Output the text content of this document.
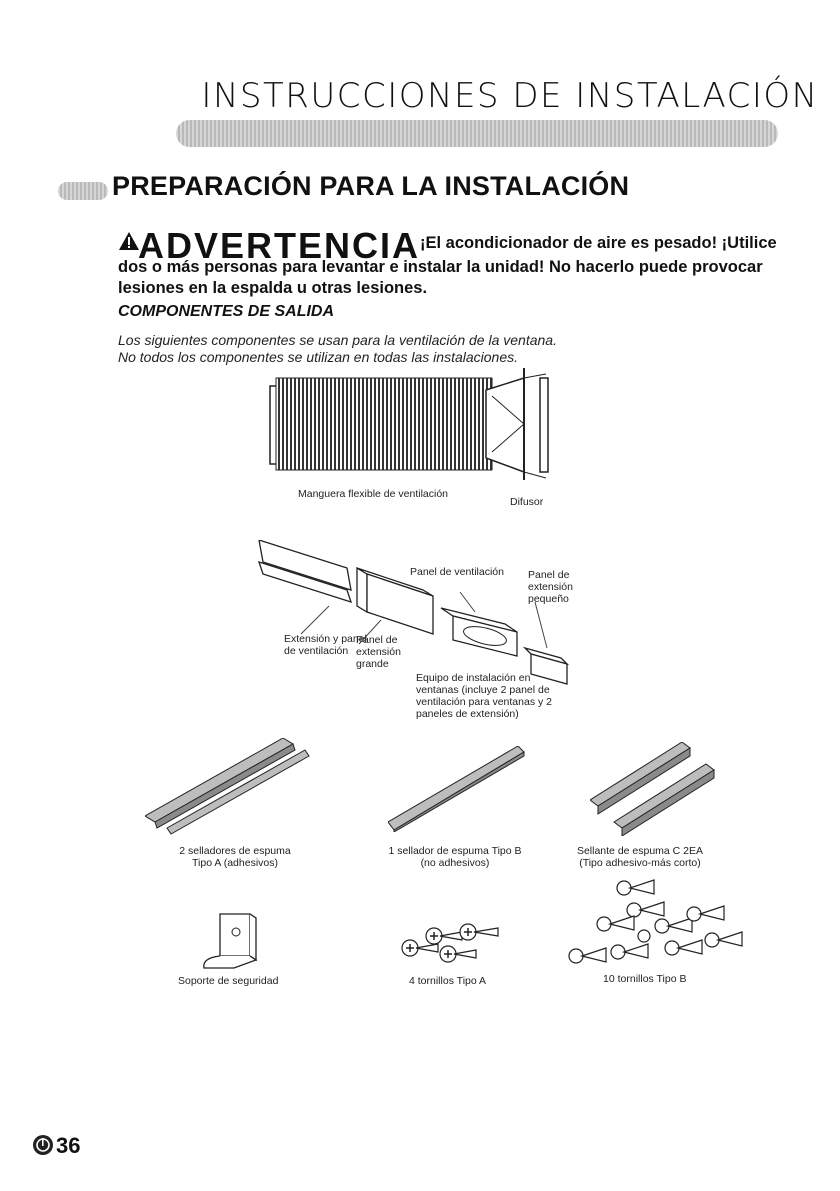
INSTRUCCIONES DE INSTALACIÓN
PREPARACIÓN PARA LA INSTALACIÓN
ADVERTENCIA ¡El acondicionador de aire es pesado! ¡Utilice
dos o más personas para levantar e instalar la unidad! No hacerlo puede provocar lesiones en la espalda u otras lesiones.
COMPONENTES DE SALIDA
Los siguientes componentes se usan para la ventilación de la ventana.
No todos los componentes se utilizan en todas las instalaciones.
Manguera flexible de ventilación
Difusor
Panel de ventilación Panel de extensión pequeño
Extensión y panel de ventilación
Panel de extensión grande
Equipo de instalación en ventanas (incluye 2 panel de ventilación para ventanas y 2 paneles de extensión)
2 selladores de espuma
Tipo A (adhesivos)
1 sellador de espuma Tipo B
(no adhesivos)
Sellante de espuma C 2EA
(Tipo adhesivo-más corto)
Soporte de seguridad	4 tornillos Tipo A	10 tornillos Tipo B
36
